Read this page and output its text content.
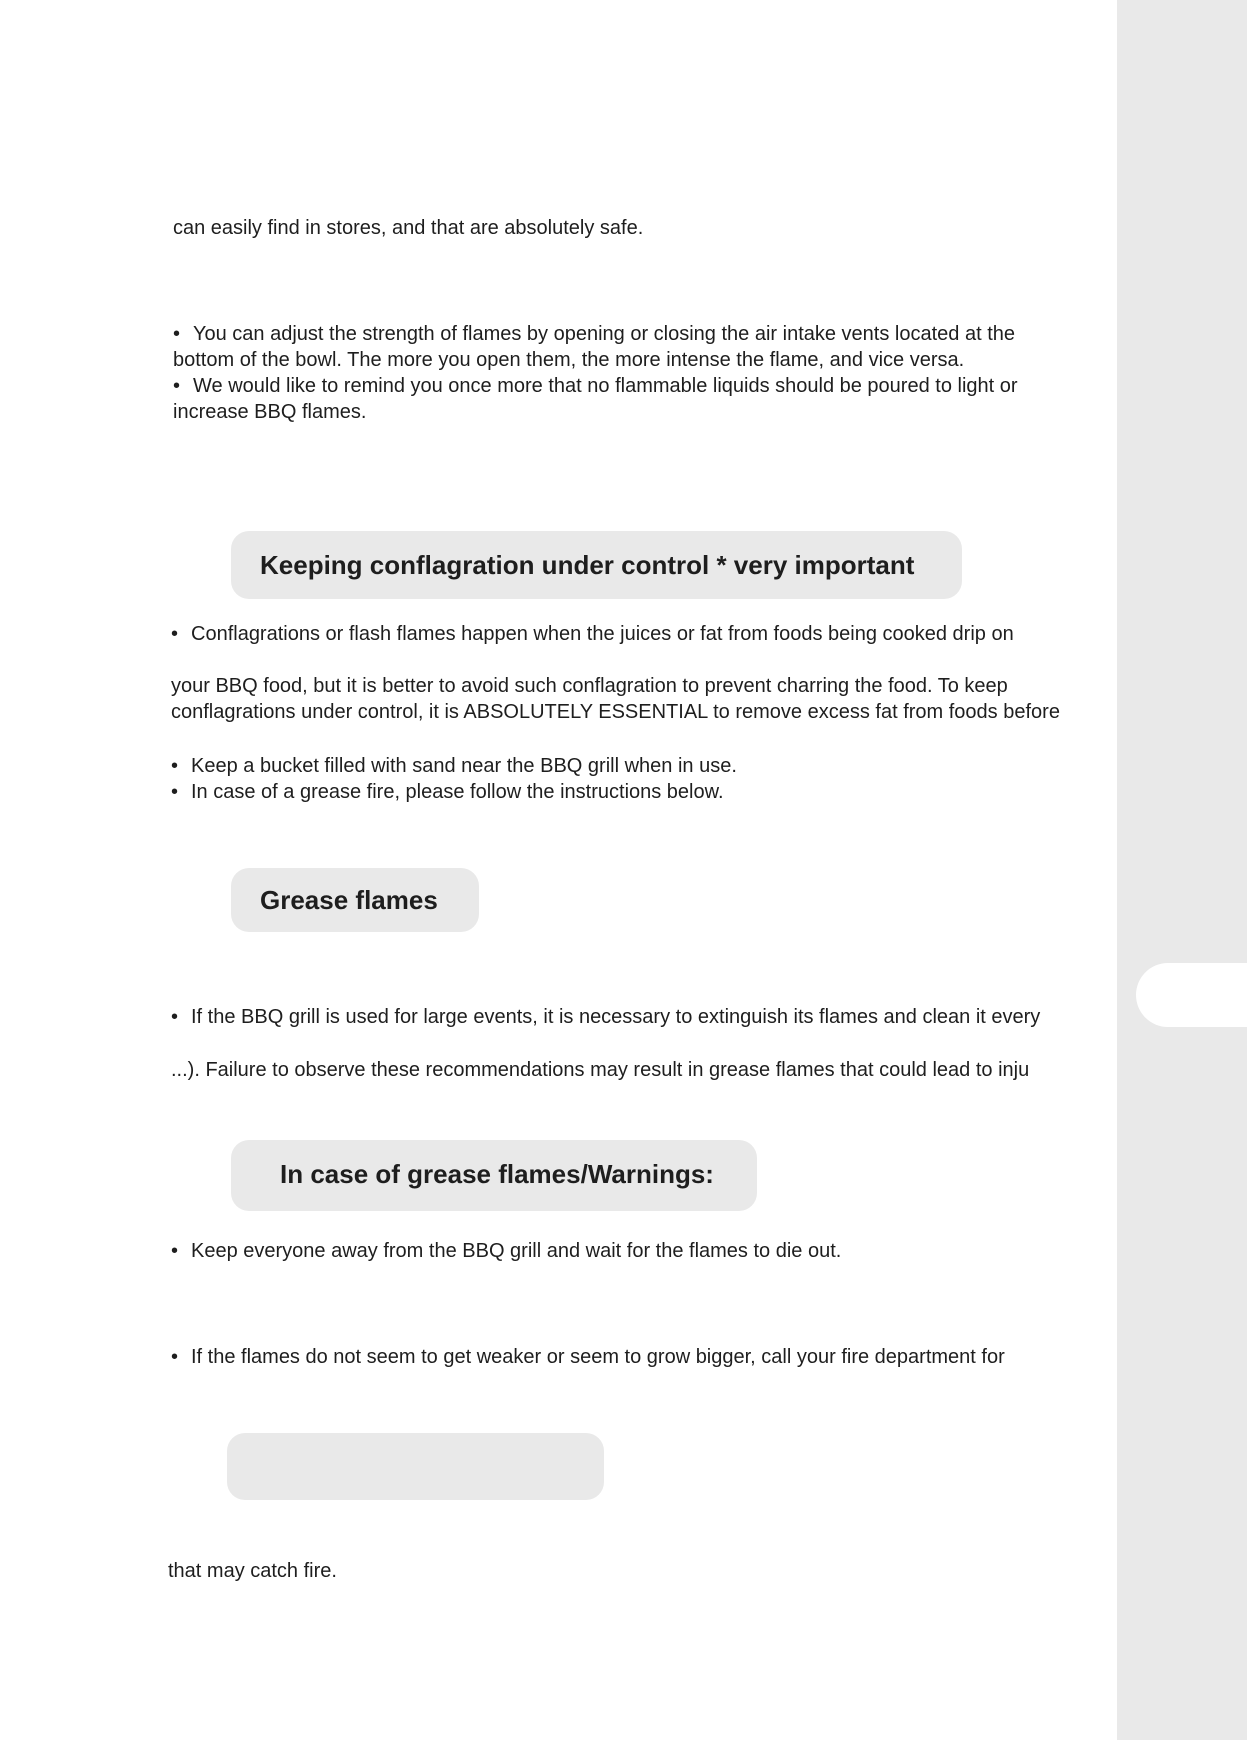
can easily find in stores, and that are absolutely safe.

• You can adjust the strength of flames by opening or closing the air intake vents located at the

bottom of the bowl. The more you open them, the more intense the flame, and vice versa.

• We would like to remind you once more that no flammable liquids should be poured to light or

increase BBQ flames.

Keeping conflagration under control * very important

• Conflagrations or flash flames happen when the juices or fat from foods being cooked drip on

your BBQ food, but it is better to avoid such conflagration to prevent charring the food. To keep

conflagrations under control, it is ABSOLUTELY ESSENTIAL to remove excess fat from foods before

• Keep a bucket filled with sand near the BBQ grill when in use.

• In case of a grease fire, please follow the instructions below.

Grease flames

• If the BBQ grill is used for large events, it is necessary to extinguish its flames and clean it every

...). Failure to observe these recommendations may result in grease flames that could lead to inju

In case of grease flames/Warnings:

• Keep everyone away from the BBQ grill and wait for the flames to die out.

• If the flames do not seem to get weaker or seem to grow bigger, call your fire department for

that may catch fire.
